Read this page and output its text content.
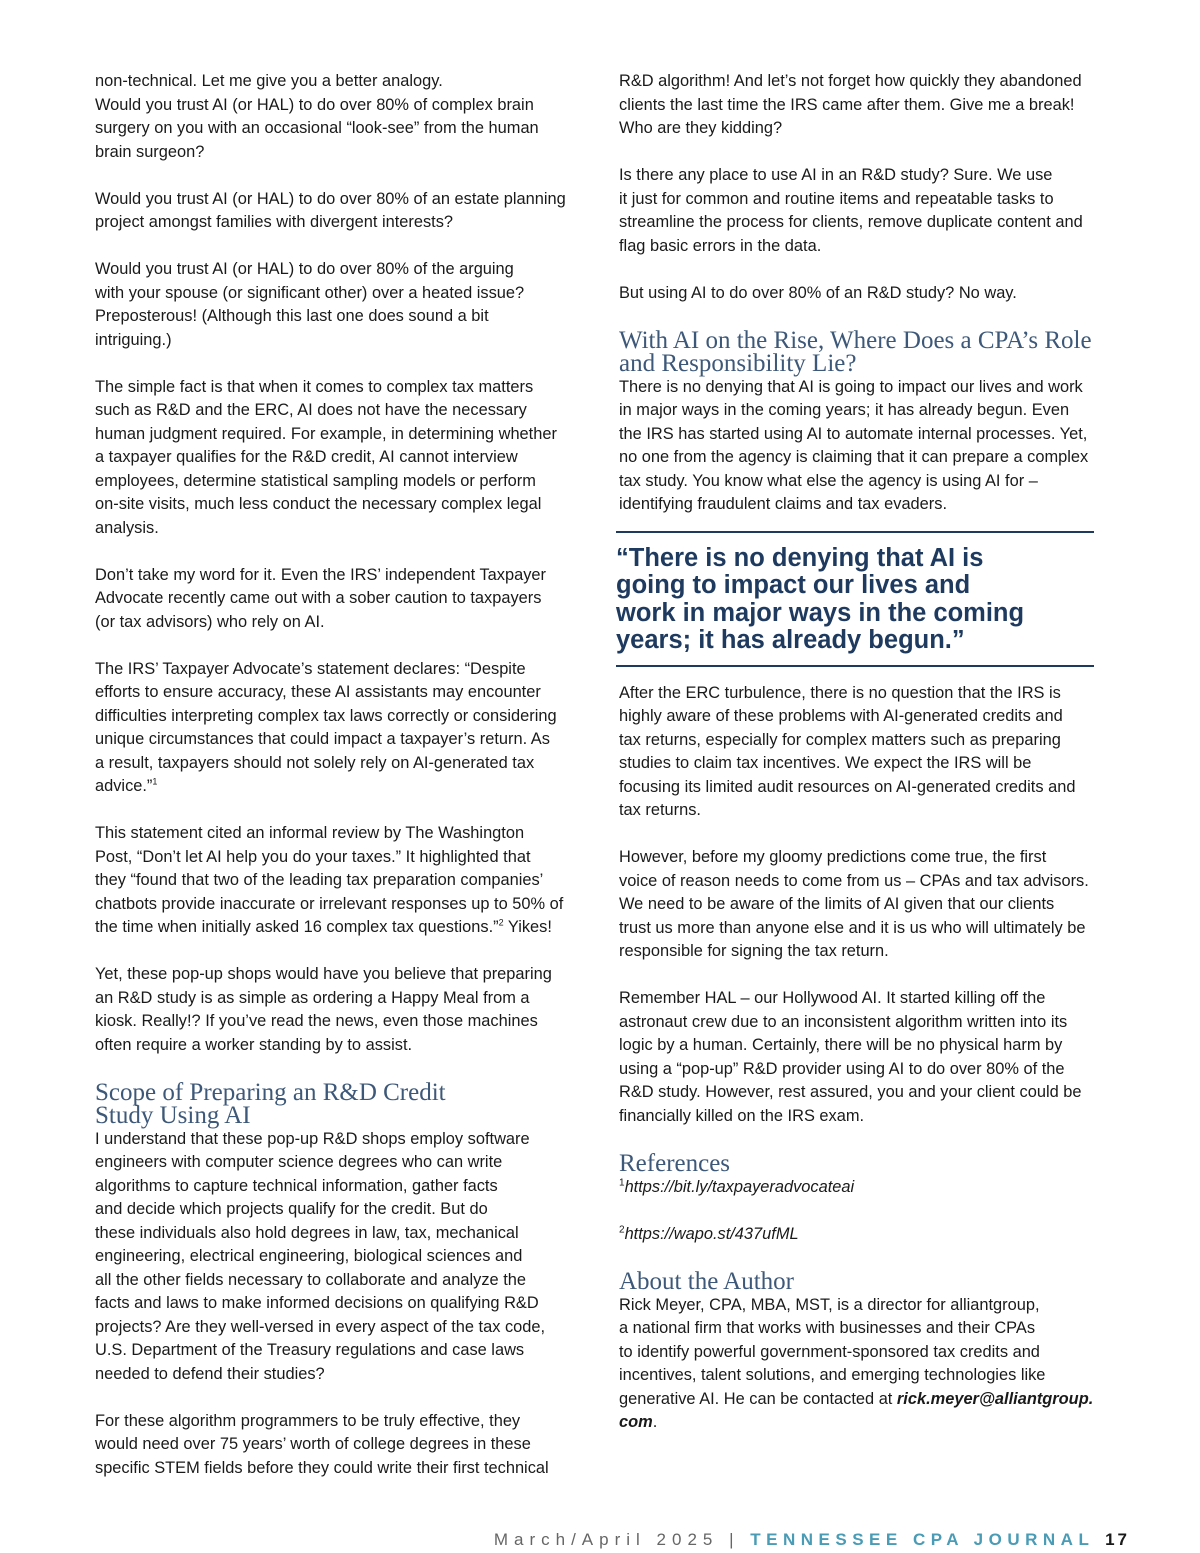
non-technical. Let me give you a better analogy.
Would you trust AI (or HAL) to do over 80% of complex brain
surgery on you with an occasional “look-see” from the human
brain surgeon?

Would you trust AI (or HAL) to do over 80% of an estate planning
project amongst families with divergent interests?

Would you trust AI (or HAL) to do over 80% of the arguing
with your spouse (or significant other) over a heated issue?
Preposterous! (Although this last one does sound a bit
intriguing.)

The simple fact is that when it comes to complex tax matters
such as R&D and the ERC, AI does not have the necessary
human judgment required. For example, in determining whether
a taxpayer qualifies for the R&D credit, AI cannot interview
employees, determine statistical sampling models or perform
on-site visits, much less conduct the necessary complex legal
analysis.

Don’t take my word for it. Even the IRS’ independent Taxpayer
Advocate recently came out with a sober caution to taxpayers
(or tax advisors) who rely on AI.

The IRS’ Taxpayer Advocate’s statement declares: “Despite
efforts to ensure accuracy, these AI assistants may encounter
difficulties interpreting complex tax laws correctly or considering
unique circumstances that could impact a taxpayer’s return. As
a result, taxpayers should not solely rely on AI-generated tax
advice.”$^1$

This statement cited an informal review by The Washington
Post, “Don’t let AI help you do your taxes.” It highlighted that
they “found that two of the leading tax preparation companies’
chatbots provide inaccurate or irrelevant responses up to 50% of
the time when initially asked 16 complex tax questions.”$^2$ Yikes!

Yet, these pop-up shops would have you believe that preparing
an R&D study is as simple as ordering a Happy Meal from a
kiosk. Really!? If you’ve read the news, even those machines
often require a worker standing by to assist.

Scope of Preparing an R&D Credit
Study Using AI

I understand that these pop-up R&D shops employ software
engineers with computer science degrees who can write
algorithms to capture technical information, gather facts
and decide which projects qualify for the credit. But do
these individuals also hold degrees in law, tax, mechanical
engineering, electrical engineering, biological sciences and
all the other fields necessary to collaborate and analyze the
facts and laws to make informed decisions on qualifying R&D
projects? Are they well-versed in every aspect of the tax code,
U.S. Department of the Treasury regulations and case laws
needed to defend their studies?

For these algorithm programmers to be truly effective, they
would need over 75 years’ worth of college degrees in these
specific STEM fields before they could write their first technical

R&D algorithm! And let’s not forget how quickly they abandoned
clients the last time the IRS came after them. Give me a break!
Who are they kidding?

Is there any place to use AI in an R&D study? Sure. We use
it just for common and routine items and repeatable tasks to
streamline the process for clients, remove duplicate content and
flag basic errors in the data.

But using AI to do over 80% of an R&D study? No way.

With AI on the Rise, Where Does a CPA’s Role
and Responsibility Lie?

There is no denying that AI is going to impact our lives and work
in major ways in the coming years; it has already begun. Even
the IRS has started using AI to automate internal processes. Yet,
no one from the agency is claiming that it can prepare a complex
tax study. You know what else the agency is using AI for –
identifying fraudulent claims and tax evaders.

“There is no denying that AI is
going to impact our lives and
work in major ways in the coming
years; it has already begun.”

After the ERC turbulence, there is no question that the IRS is
highly aware of these problems with AI-generated credits and
tax returns, especially for complex matters such as preparing
studies to claim tax incentives. We expect the IRS will be
focusing its limited audit resources on AI-generated credits and
tax returns.

However, before my gloomy predictions come true, the first
voice of reason needs to come from us – CPAs and tax advisors.
We need to be aware of the limits of AI given that our clients
trust us more than anyone else and it is us who will ultimately be
responsible for signing the tax return.

Remember HAL – our Hollywood AI. It started killing off the
astronaut crew due to an inconsistent algorithm written into its
logic by a human. Certainly, there will be no physical harm by
using a “pop-up” R&D provider using AI to do over 80% of the
R&D study. However, rest assured, you and your client could be
financially killed on the IRS exam.

References
$^1$https://bit.ly/taxpayeradvocateai
$^2$https://wapo.st/437ufML
About the Author

Rick Meyer, CPA, MBA, MST, is a director for alliantgroup,
a national firm that works with businesses and their CPAs
to identify powerful government-sponsored tax credits and
incentives, talent solutions, and emerging technologies like
generative AI. He can be contacted at rick.meyer@alliantgroup.
com.

March/April 2025 | TENNESSEE CPA JOURNAL 17
